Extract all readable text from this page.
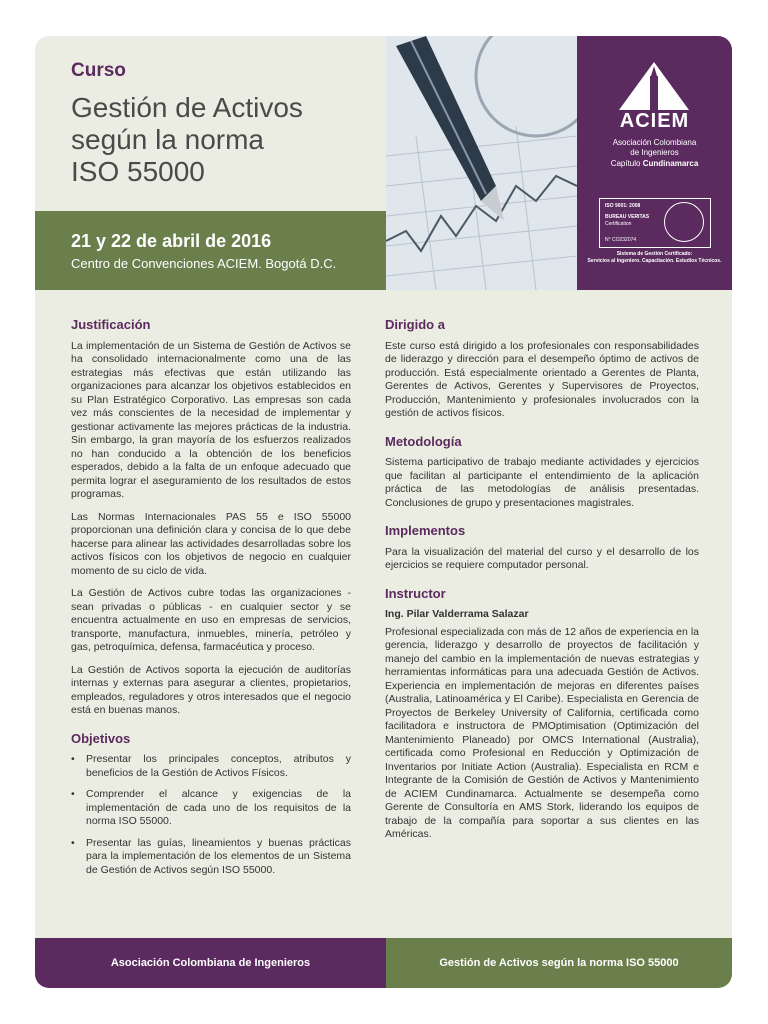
Curso
Gestión de Activos
según la norma
ISO 55000
21 y 22 de abril de 2016
Centro de Convenciones ACIEM. Bogotá D.C.
ACIEM
Asociación Colombiana
de Ingenieros
Capítulo Cundinamarca
ISO 9001: 2008
BUREAU VERITAS
Certification
N° CO232074
Sistema de Gestión Certificado:
Servicios al Ingeniero. Capacitación. Estudios Técnicos.
Justificación

La implementación de un Sistema de Gestión de Activos se ha consolidado internacionalmente como una de las estrategias más efectivas que están utilizando las organizaciones para alcanzar los objetivos establecidos en su Plan Estratégico Corporativo. Las empresas son cada vez más conscientes de la necesidad de implementar y gestionar activamente las mejores prácticas de la industria. Sin embargo, la gran mayoría de los esfuerzos realizados no han conducido a la obtención de los beneficios esperados, debido a la falta de un enfoque adecuado que permita lograr el aseguramiento de los resultados de estos programas.

Las Normas Internacionales PAS 55 e ISO 55000 proporcionan una definición clara y concisa de lo que debe hacerse para alinear las actividades desarrolladas sobre los activos físicos con los objetivos de negocio en cualquier momento de su ciclo de vida.

La Gestión de Activos cubre todas las organizaciones - sean privadas o públicas - en cualquier sector y se encuentra actualmente en uso en empresas de servicios, transporte, manufactura, inmuebles, minería, petróleo y gas, petroquímica, defensa, farmacéutica y proceso.

La Gestión de Activos soporta la ejecución de auditorías internas y externas para asegurar a clientes, propietarios, empleados, reguladores y otros interesados que el negocio está en buenas manos.

Objetivos
• Presentar los principales conceptos, atributos y beneficios de la Gestión de Activos Físicos.
• Comprender el alcance y exigencias de la implementación de cada uno de los requisitos de la norma ISO 55000.
• Presentar las guías, lineamientos y buenas prácticas para la implementación de los elementos de un Sistema de Gestión de Activos según ISO 55000.
Dirigido a

Este curso está dirigido a los profesionales con responsabilidades de liderazgo y dirección para el desempeño óptimo de activos de producción. Está especialmente orientado a Gerentes de Planta, Gerentes de Activos, Gerentes y Supervisores de Proyectos, Producción, Mantenimiento y profesionales involucrados con la gestión de activos físicos.

Metodología

Sistema participativo de trabajo mediante actividades y ejercicios que facilitan al participante el entendimiento de la aplicación práctica de las metodologías de análisis presentadas. Conclusiones de grupo y presentaciones magistrales.

Implementos

Para la visualización del material del curso y el desarrollo de los ejercicios se requiere computador personal.

Instructor
Ing. Pilar Valderrama Salazar

Profesional especializada con más de 12 años de experiencia en la gerencia, liderazgo y desarrollo de proyectos de facilitación y manejo del cambio en la implementación de nuevas estrategias y herramientas informáticas para una adecuada Gestión de Activos. Experiencia en implementación de mejoras en diferentes países (Australia, Latinoamérica y El Caribe). Especialista en Gerencia de Proyectos de Berkeley University of California, certificada como facilitadora e instructora de PMOptimisation (Optimización del Mantenimiento Planeado) por OMCS International (Australia), certificada como Profesional en Reducción y Optimización de Inventarios por Initiate Action (Australia). Especialista en RCM e Integrante de la Comisión de Gestión de Activos y Mantenimiento de ACIEM Cundinamarca. Actualmente se desempeña como Gerente de Consultoría en AMS Stork, liderando los equipos de trabajo de la compañía para soportar a sus clientes en las Américas.

Asociación Colombiana de Ingenieros	Gestión de Activos según la norma ISO 55000
